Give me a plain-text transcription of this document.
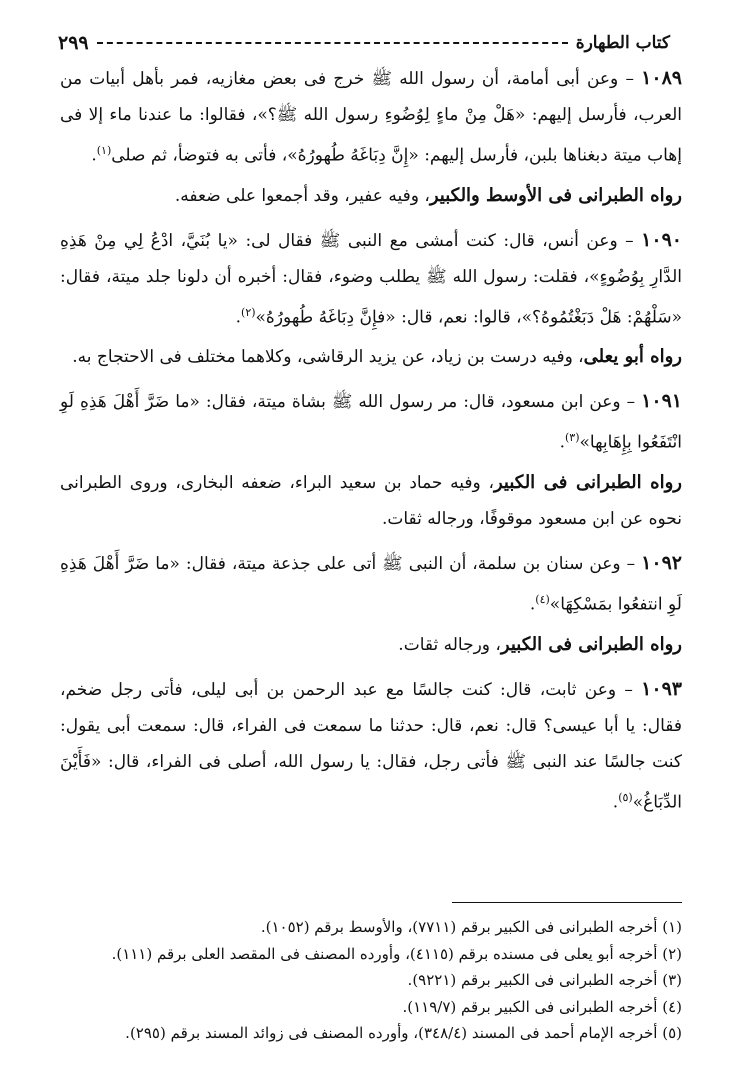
كتاب الطهارة
٢٩٩

١٠٨٩ – وعن أبى أمامة، أن رسول الله ﷺ خرج فى بعض مغازيه، فمر بأهل أبيات من العرب، فأرسل إليهم: «هَلْ مِنْ ماءٍ لِوُضُوءِ رسول الله ﷺ؟»، فقالوا: ما عندنا ماء إلا فى إهاب ميتة دبغناها بلبن، فأرسل إليهم: «إِنَّ دِبَاغَهُ طُهورُهُ»، فأتى به فتوضأ، ثم صلى$^{(١)}$.

رواه الطبرانى فى الأوسط والكبير، وفيه عفير، وقد أجمعوا على ضعفه.

١٠٩٠ – وعن أنس، قال: كنت أمشى مع النبى ﷺ فقال لى: «يا بُنَيَّ، ادْعُ لِي مِنْ هَذِهِ الدَّارِ بِوُضُوءٍ»، فقلت: رسول الله ﷺ يطلب وضوء، فقال: أخبره أن دلونا جلد ميتة، فقال: «سَلْهُمْ: هَلْ دَبَغْتُمُوهُ؟»، قالوا: نعم، قال: «فإِنَّ دِبَاغَهُ طُهورُهُ»$^{(٢)}$.

رواه أبو يعلى، وفيه درست بن زياد، عن يزيد الرقاشى، وكلاهما مختلف فى الاحتجاج به.

١٠٩١ – وعن ابن مسعود، قال: مر رسول الله ﷺ بشاة ميتة، فقال: «ما ضَرَّ أَهْلَ هَذِهِ لَوِ انْتَفَعُوا بِإِهَابِها»$^{(٣)}$.

رواه الطبرانى فى الكبير، وفيه حماد بن سعيد البراء، ضعفه البخارى، وروى الطبرانى نحوه عن ابن مسعود موقوفًا، ورجاله ثقات.

١٠٩٢ – وعن سنان بن سلمة، أن النبى ﷺ أتى على جذعة ميتة، فقال: «ما ضَرَّ أَهْلَ هَذِهِ لَوِ انتفعُوا بمَسْكِهَا»$^{(٤)}$.

رواه الطبرانى فى الكبير، ورجاله ثقات.

١٠٩٣ – وعن ثابت، قال: كنت جالسًا مع عبد الرحمن بن أبى ليلى، فأتى رجل ضخم، فقال: يا أبا عيسى؟ قال: نعم، قال: حدثنا ما سمعت فى الفراء، قال: سمعت أبى يقول: كنت جالسًا عند النبى ﷺ فأتى رجل، فقال: يا رسول الله، أصلى فى الفراء، قال: «فَأَيْنَ الدِّبَاغُ»$^{(٥)}$.

(١) أخرجه الطبرانى فى الكبير برقم (٧٧١١)، والأوسط برقم (١٠٥٢).

(٢) أخرجه أبو يعلى فى مسنده برقم (٤١١٥)، وأورده المصنف فى المقصد العلى برقم (١١١).

(٣) أخرجه الطبرانى فى الكبير برقم (٩٢٢١).

(٤) أخرجه الطبرانى فى الكبير برقم (١١٩/٧).

(٥) أخرجه الإمام أحمد فى المسند (٣٤٨/٤)، وأورده المصنف فى زوائد المسند برقم (٢٩٥).
